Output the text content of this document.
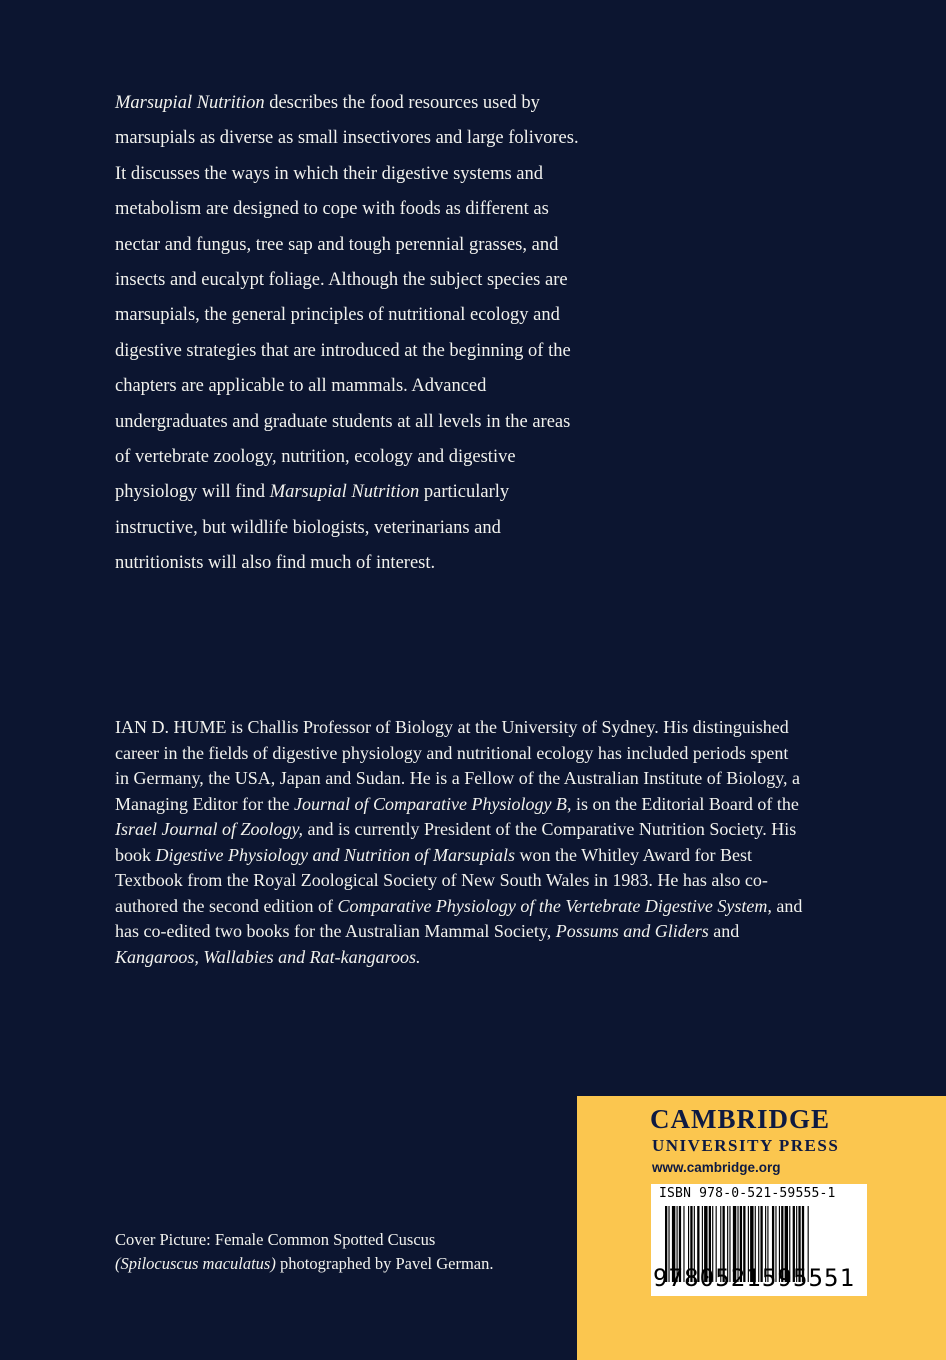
Marsupial Nutrition describes the food resources used by marsupials as diverse as small insectivores and large folivores. It discusses the ways in which their digestive systems and metabolism are designed to cope with foods as different as nectar and fungus, tree sap and tough perennial grasses, and insects and eucalypt foliage. Although the subject species are marsupials, the general principles of nutritional ecology and digestive strategies that are introduced at the beginning of the chapters are applicable to all mammals. Advanced undergraduates and graduate students at all levels in the areas of vertebrate zoology, nutrition, ecology and digestive physiology will find Marsupial Nutrition particularly instructive, but wildlife biologists, veterinarians and nutritionists will also find much of interest.

IAN D. HUME is Challis Professor of Biology at the University of Sydney. His distinguished career in the fields of digestive physiology and nutritional ecology has included periods spent in Germany, the USA, Japan and Sudan. He is a Fellow of the Australian Institute of Biology, a Managing Editor for the Journal of Comparative Physiology B, is on the Editorial Board of the Israel Journal of Zoology, and is currently President of the Comparative Nutrition Society. His book Digestive Physiology and Nutrition of Marsupials won the Whitley Award for Best Textbook from the Royal Zoological Society of New South Wales in 1983. He has also co-authored the second edition of Comparative Physiology of the Vertebrate Digestive System, and has co-edited two books for the Australian Mammal Society, Possums and Gliders and Kangaroos, Wallabies and Rat-kangaroos.

Cover Picture: Female Common Spotted Cuscus (Spilocuscus maculatus) photographed by Pavel German.

CAMBRIDGE
UNIVERSITY PRESS
www.cambridge.org
ISBN 978-0-521-59555-1
9780521595551
